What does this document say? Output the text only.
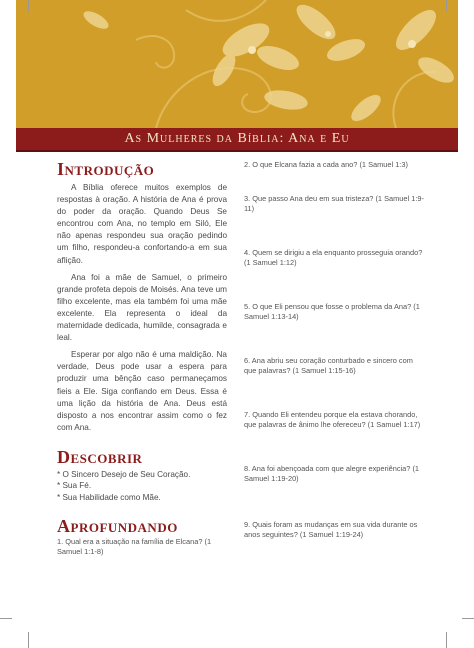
As Mulheres da Bíblia: Ana e Eu
Introdução

A Bíblia oferece muitos exemplos de respostas à oração. A história de Ana é prova do poder da oração. Quando Deus Se encontrou com Ana, no templo em Siló, Ele não apenas respondeu sua oração pedindo um filho, respondeu-a confortando-a em sua aflição.

Ana foi a mãe de Samuel, o primeiro grande profeta depois de Moisés. Ana teve um filho excelente, mas ela também foi uma mãe excelente. Ela representa o ideal da maternidade dedicada, humilde, consagrada e leal.

Esperar por algo não é uma maldição. Na verdade, Deus pode usar a espera para produzir uma bênção caso permaneçamos fieis a Ele. Siga confiando em Deus. Essa é uma lição da história de Ana. Deus está disposto a nos encontrar assim como o fez com Ana.

Descobrir

* O Sincero Desejo de Seu Coração.

* Sua Fé.

* Sua Habilidade como Mãe.

Aprofundando

1. Qual era a situação na família de Elcana? (1 Samuel 1:1-8)

2. O que Elcana fazia a cada ano? (1 Samuel 1:3)

3. Que passo Ana deu em sua tristeza? (1 Samuel 1:9-11)

4. Quem se dirigiu a ela enquanto prosseguia orando? (1 Samuel 1:12)

5. O que Eli pensou que fosse o problema da Ana? (1 Samuel 1:13-14)

6. Ana abriu seu coração conturbado e sincero com que palavras? (1 Samuel 1:15-16)

7. Quando Eli entendeu porque ela estava chorando, que palavras de ânimo lhe ofereceu? (1 Samuel 1:17)

8. Ana foi abençoada com que alegre experiência? (1 Samuel 1:19-20)

9. Quais foram as mudanças em sua vida durante os anos seguintes? (1 Samuel 1:19-24)
